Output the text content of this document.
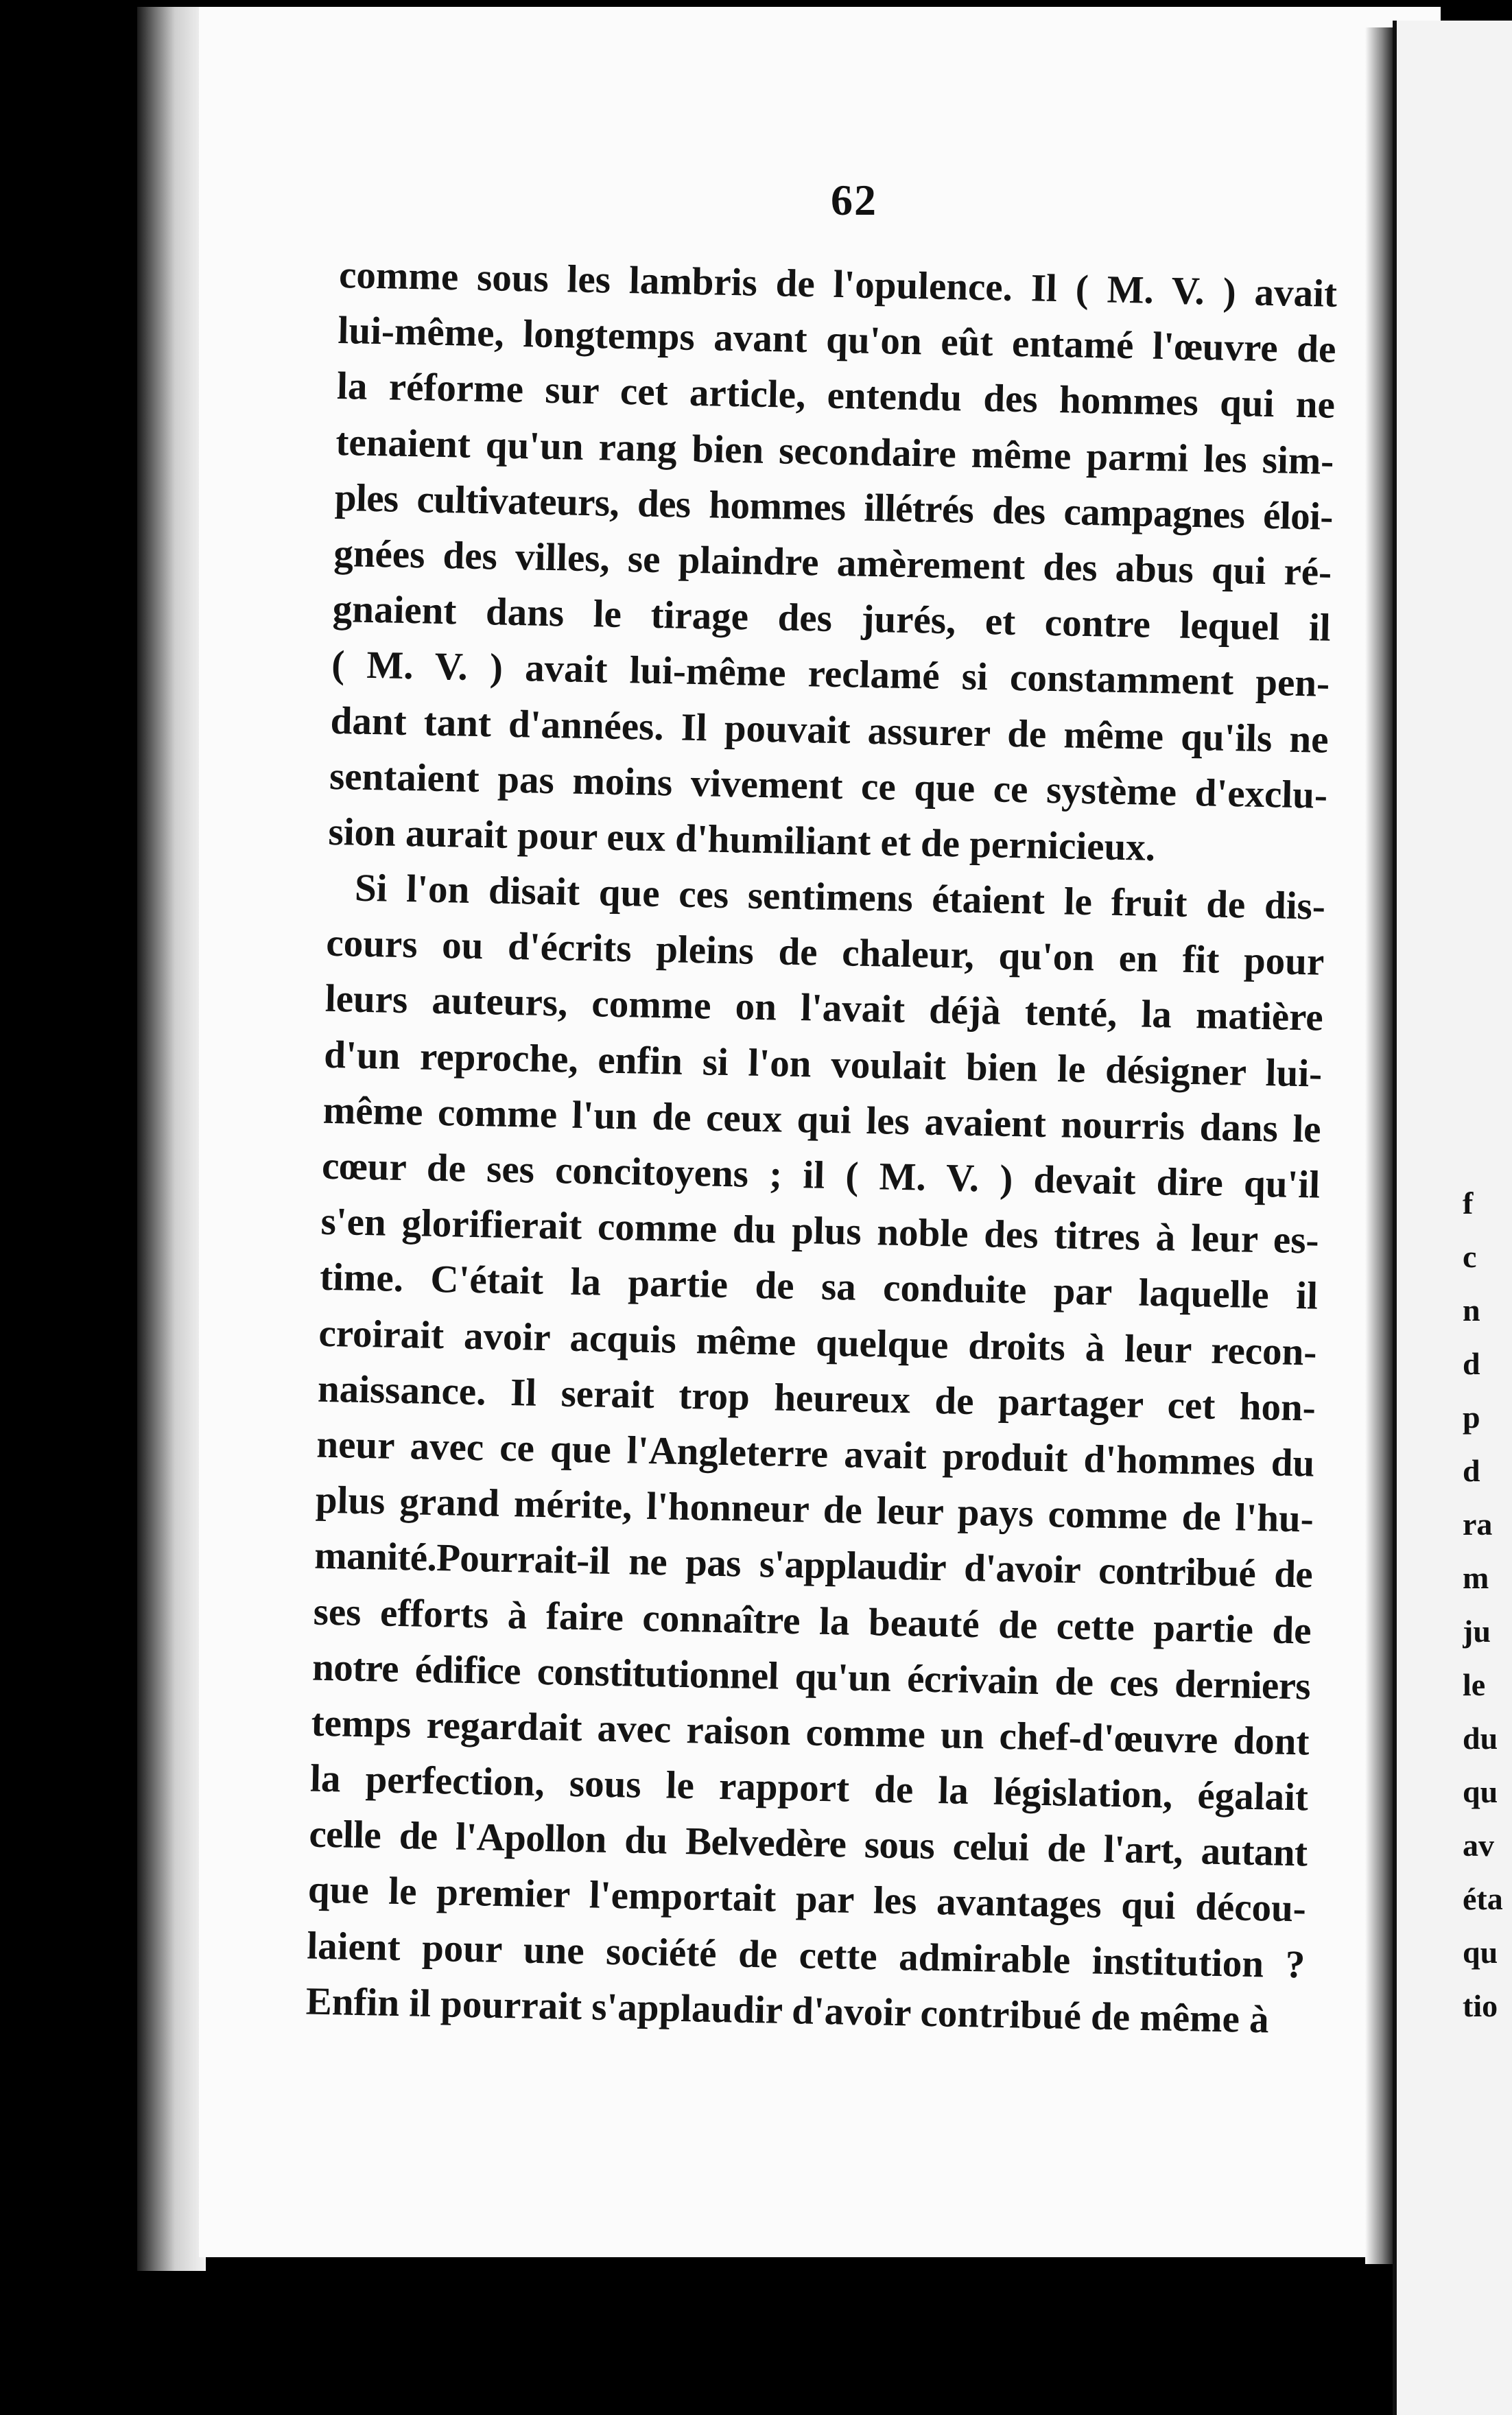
f
c
n
d
p
d
ra
m
ju
le
du
qu
av
éta
qu
tio
62
comme sous les lambris de l'opulence. Il ( M. V. ) avait
lui-même, longtemps avant qu'on eût entamé l'œuvre de
la réforme sur cet article, entendu des hommes qui ne
tenaient qu'un rang bien secondaire même parmi les sim-
ples cultivateurs, des hommes illétrés des campagnes éloi-
gnées des villes, se plaindre amèrement des abus qui ré-
gnaient dans le tirage des jurés, et contre lequel il
( M. V. ) avait lui-même reclamé si constamment pen-
dant tant d'années. Il pouvait assurer de même qu'ils ne
sentaient pas moins vivement ce que ce système d'exclu-
sion aurait pour eux d'humiliant et de pernicieux.
Si l'on disait que ces sentimens étaient le fruit de dis-
cours ou d'écrits pleins de chaleur, qu'on en fit pour
leurs auteurs, comme on l'avait déjà tenté, la matière
d'un reproche, enfin si l'on voulait bien le désigner lui-
même comme l'un de ceux qui les avaient nourris dans le
cœur de ses concitoyens ; il ( M. V. ) devait dire qu'il
s'en glorifierait comme du plus noble des titres à leur es-
time. C'était la partie de sa conduite par laquelle il
croirait avoir acquis même quelque droits à leur recon-
naissance. Il serait trop heureux de partager cet hon-
neur avec ce que l'Angleterre avait produit d'hommes du
plus grand mérite, l'honneur de leur pays comme de l'hu-
manité.Pourrait-il ne pas s'applaudir d'avoir contribué de
ses efforts à faire connaître la beauté de cette partie de
notre édifice constitutionnel qu'un écrivain de ces derniers
temps regardait avec raison comme un chef-d'œuvre dont
la perfection, sous le rapport de la législation, égalait
celle de l'Apollon du Belvedère sous celui de l'art, autant
que le premier l'emportait par les avantages qui décou-
laient pour une société de cette admirable institution ?
Enfin il pourrait s'applaudir d'avoir contribué de même à
